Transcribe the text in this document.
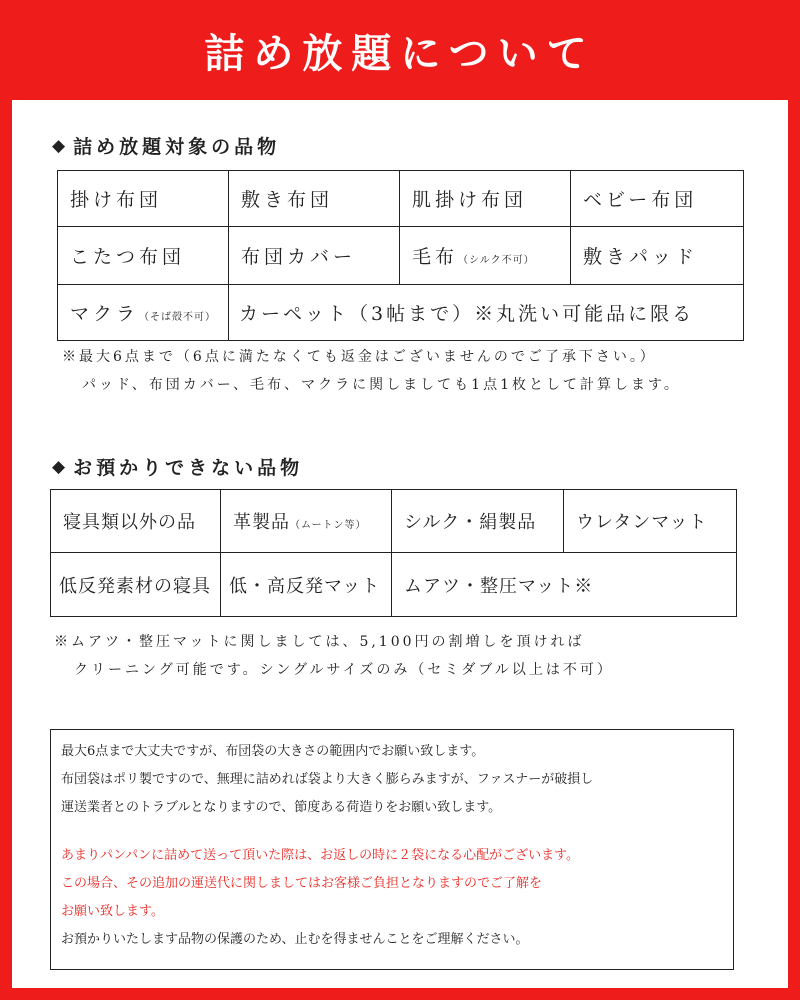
詰め放題について
◆ 詰め放題対象の品物
掛け布団	敷き布団	肌掛け布団	ベビー布団
こたつ布団	布団カバー	毛布（シルク不可）	敷きパッド
マクラ（そば殻不可）	カーペット（3帖まで）※丸洗い可能品に限る		
※最大6点まで（6点に満たなくても返金はございませんのでご了承下さい。）
パッド、布団カバー、毛布、マクラに関しましても1点1枚として計算します。
◆ お預かりできない品物
寝具類以外の品	革製品（ムートン等）	シルク・絹製品	ウレタンマット
低反発素材の寝具	低・高反発マット	ムアツ・整圧マット※	
※ムアツ・整圧マットに関しましては、5,100円の割増しを頂ければ
クリーニング可能です。シングルサイズのみ（セミダブル以上は不可）
最大6点まで大丈夫ですが、布団袋の大きさの範囲内でお願い致します。
布団袋はポリ製ですので、無理に詰めれば袋より大きく膨らみますが、ファスナーが破損し
運送業者とのトラブルとなりますので、節度ある荷造りをお願い致します。
あまりパンパンに詰めて送って頂いた際は、お返しの時に２袋になる心配がございます。
この場合、その追加の運送代に関しましてはお客様ご負担となりますのでご了解を
お願い致します。
お預かりいたします品物の保護のため、止むを得ませんことをご理解ください。
